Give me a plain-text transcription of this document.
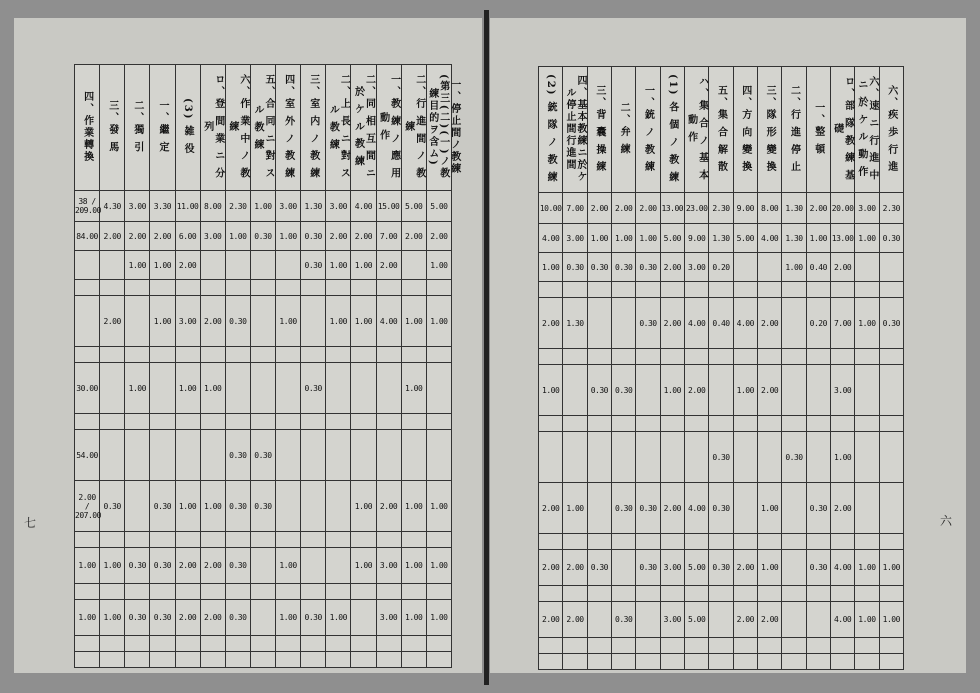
四、作業轉換	三、發 馬	二、獨 引	一、繼 定	(3) 雑 役	ロ、登 間 業 ニ 分 列	六、作 業 中 ノ 教 練	五、合 同 ニ 對 ス ル 教 練	四、室 外 ノ 教 練	三、室 内 ノ 教 練	二、上 長 ニ 對 ス ル 教 練	二、同 相 互 間 ニ 於 ケ ル 教 練	一、教 練 ノ 應 用 動 作	二、行 進 間 ノ 教 練	一、停止間ノ教練(第三(二)(一)ノ教練目的ヲ含ム)

38 / 209.00	4.30	3.00	3.30	11.00	8.00	2.30	1.00	3.00	1.30	3.00	4.00	15.00	5.00	5.00
84.00	2.00	2.00	2.00	6.00	3.00	1.00	0.30	1.00	0.30	2.00	2.00	7.00	2.00	2.00
		1.00	1.00	2.00					0.30	1.00	1.00	2.00		1.00

	2.00		1.00	3.00	2.00	0.30		1.00		1.00	1.00	4.00	1.00	1.00

30.00		1.00		1.00	1.00				0.30				1.00	

54.00						0.30	0.30							
2.00 / 207.00	0.30		0.30	1.00	1.00	0.30	0.30				1.00	2.00	1.00	1.00

1.00	1.00	0.30	0.30	2.00	2.00	0.30		1.00			1.00	3.00	1.00	1.00

1.00	1.00	0.30	0.30	2.00	2.00	0.30		1.00	0.30	1.00		3.00	1.00	1.00

七
(2) 銃 隊 ノ 教 練	四、基本教練ニ於ケル停止間行進間	三、背 囊 操 練	二、弁 練	一、銃 ノ 教 練	(1) 各 個 ノ 教 練	ハ、集 合 ノ 基 本 動 作	五、集 合 解 散	四、方 向 變 換	三、隊 形 變 換	二、行 進 停 止	一、整 頓	ロ、部 隊 教 練 基 礎	六、速 ニ 行 進 中 ニ 於 ケ ル 動 作	六、疾 歩 行 進

10.00	7.00	2.00	2.00	2.00	13.00	23.00	2.30	9.00	8.00	1.30	2.00	20.00	3.00	2.30
4.00	3.00	1.00	1.00	1.00	5.00	9.00	1.30	5.00	4.00	1.30	1.00	13.00	1.00	0.30
1.00	0.30	0.30	0.30	0.30	2.00	3.00	0.20			1.00	0.40	2.00		

2.00	1.30			0.30	2.00	4.00	0.40	4.00	2.00		0.20	7.00	1.00	0.30

1.00		0.30	0.30		1.00	2.00		1.00	2.00			3.00		

							0.30			0.30		1.00		
2.00	1.00		0.30	0.30	2.00	4.00	0.30		1.00		0.30	2.00		

2.00	2.00	0.30		0.30	3.00	5.00	0.30	2.00	1.00		0.30	4.00	1.00	1.00

2.00	2.00		0.30		3.00	5.00		2.00	2.00			4.00	1.00	1.00

六
